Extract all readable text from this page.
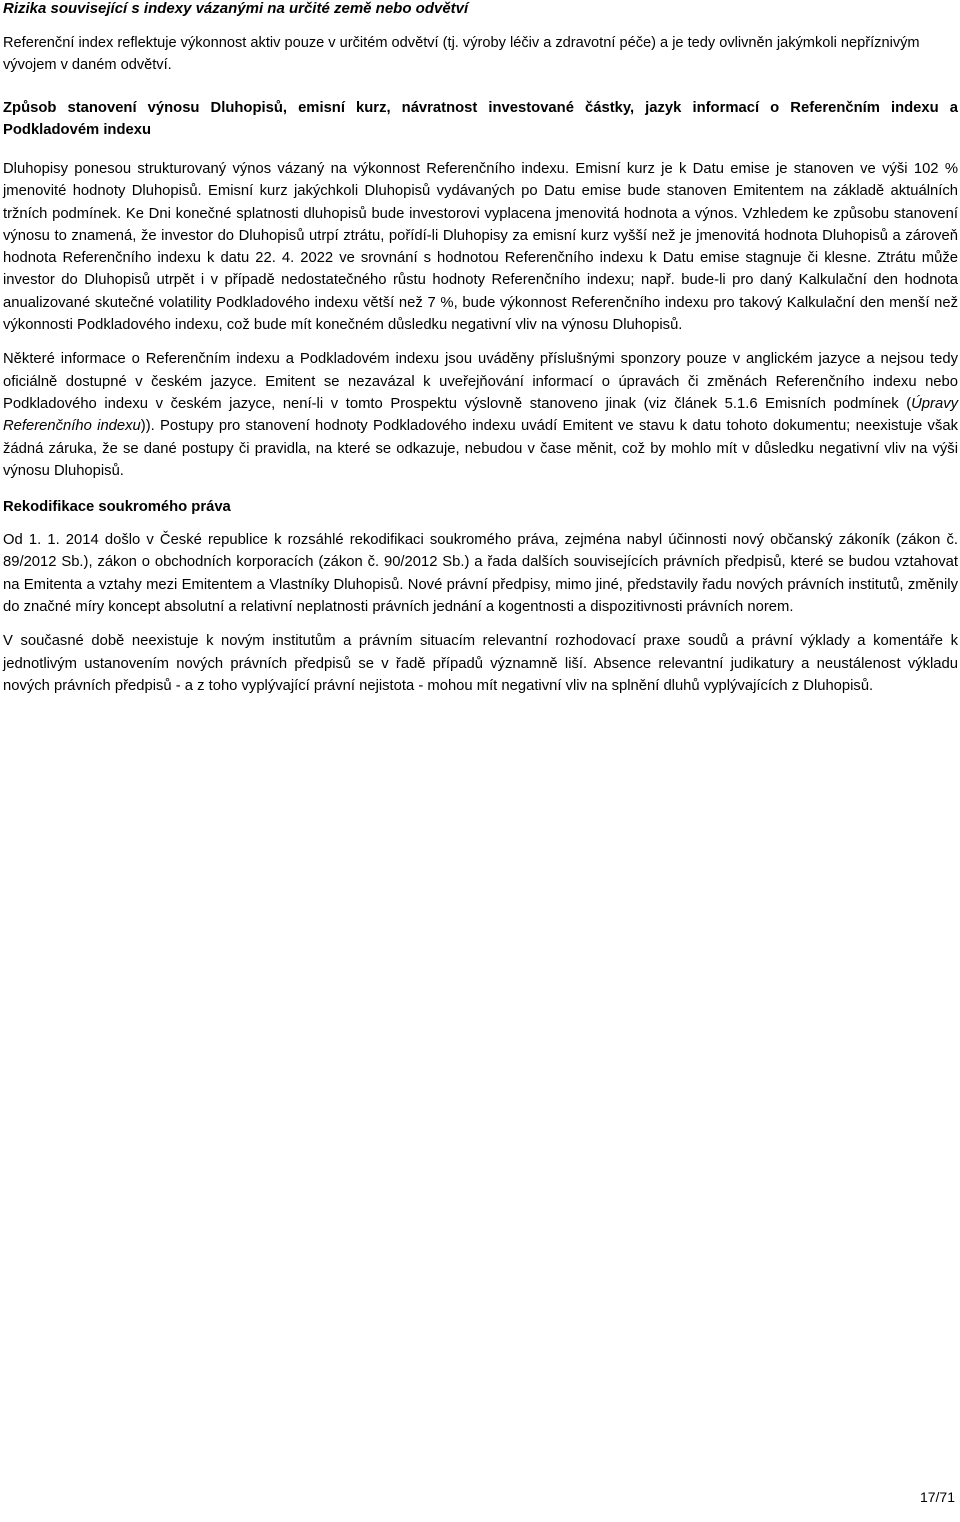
Rizika související s indexy vázanými na určité země nebo odvětví

Referenční index reflektuje výkonnost aktiv pouze v určitém odvětví (tj. výroby léčiv a zdravotní péče) a je tedy ovlivněn jakýmkoli nepříznivým vývojem v daném odvětví.

Způsob stanovení výnosu Dluhopisů, emisní kurz, návratnost investované částky, jazyk informací o Referenčním indexu a Podkladovém indexu

Dluhopisy ponesou strukturovaný výnos vázaný na výkonnost Referenčního indexu. Emisní kurz je k Datu emise je stanoven ve výši 102 % jmenovité hodnoty Dluhopisů. Emisní kurz jakýchkoli Dluhopisů vydávaných po Datu emise bude stanoven Emitentem na základě aktuálních tržních podmínek. Ke Dni konečné splatnosti dluhopisů bude investorovi vyplacena jmenovitá hodnota a výnos. Vzhledem ke způsobu stanovení výnosu to znamená, že investor do Dluhopisů utrpí ztrátu, pořídí-li Dluhopisy za emisní kurz vyšší než je jmenovitá hodnota Dluhopisů a zároveň hodnota Referenčního indexu k datu 22. 4. 2022 ve srovnání s hodnotou Referenčního indexu k Datu emise stagnuje či klesne. Ztrátu může investor do Dluhopisů utrpět i v případě nedostatečného růstu hodnoty Referenčního indexu; např. bude-li pro daný Kalkulační den hodnota anualizované skutečné volatility Podkladového indexu větší než 7 %, bude výkonnost Referenčního indexu pro takový Kalkulační den menší než výkonnosti Podkladového indexu, což bude mít konečném důsledku negativní vliv na výnosu Dluhopisů.

Některé informace o Referenčním indexu a Podkladovém indexu jsou uváděny příslušnými sponzory pouze v anglickém jazyce a nejsou tedy oficiálně dostupné v českém jazyce. Emitent se nezavázal k uveřejňování informací o úpravách či změnách Referenčního indexu nebo Podkladového indexu v českém jazyce, není-li v tomto Prospektu výslovně stanoveno jinak (viz článek 5.1.6 Emisních podmínek (Úpravy Referenčního indexu)). Postupy pro stanovení hodnoty Podkladového indexu uvádí Emitent ve stavu k datu tohoto dokumentu; neexistuje však žádná záruka, že se dané postupy či pravidla, na které se odkazuje, nebudou v čase měnit, což by mohlo mít v důsledku negativní vliv na výši výnosu Dluhopisů.

Rekodifikace soukromého práva

Od 1. 1. 2014 došlo v České republice k rozsáhlé rekodifikaci soukromého práva, zejména nabyl účinnosti nový občanský zákoník (zákon č. 89/2012 Sb.), zákon o obchodních korporacích (zákon č. 90/2012 Sb.) a řada dalších souvisejících právních předpisů, které se budou vztahovat na Emitenta a vztahy mezi Emitentem a Vlastníky Dluhopisů. Nové právní předpisy, mimo jiné, představily řadu nových právních institutů, změnily do značné míry koncept absolutní a relativní neplatnosti právních jednání a kogentnosti a dispozitivnosti právních norem.

V současné době neexistuje k novým institutům a právním situacím relevantní rozhodovací praxe soudů a právní výklady a komentáře k jednotlivým ustanovením nových právních předpisů se v řadě případů významně liší. Absence relevantní judikatury a neustálenost výkladu nových právních předpisů - a z toho vyplývající právní nejistota - mohou mít negativní vliv na splnění dluhů vyplývajících z Dluhopisů.

17/71
